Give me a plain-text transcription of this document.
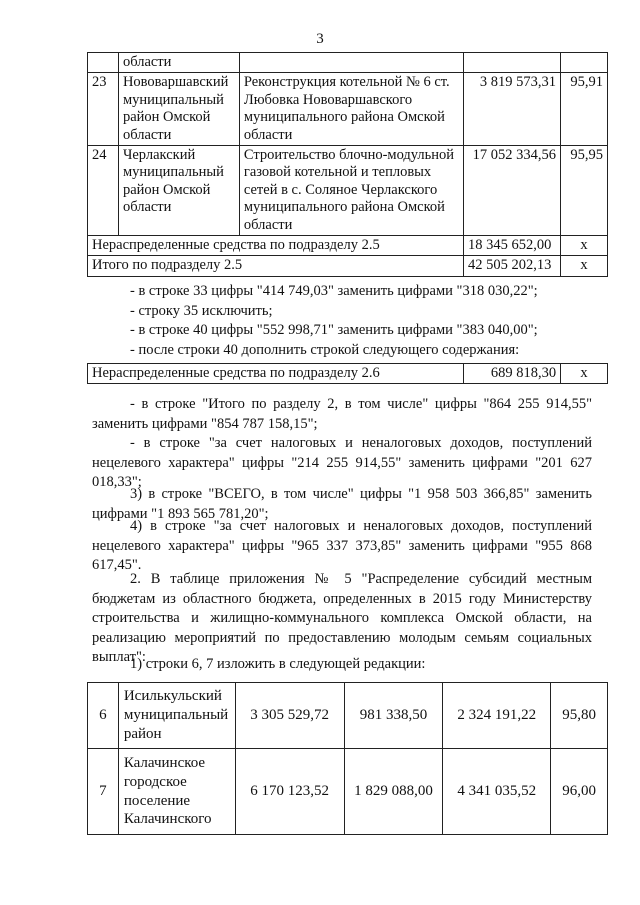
3
	области			
23	Нововаршавский муниципальный район Омской области	Реконструкция котельной № 6 ст. Любовка Нововаршавского муниципального района Омской области	3 819 573,31	95,91
24	Черлакский муниципальный район Омской области	Строительство блочно-модульной газовой котельной и тепловых сетей в с. Соляное Черлакского муниципального района Омской области	17 052 334,56	95,95
Нераспределенные средства по подразделу 2.5			18 345 652,00	х
Итого по подразделу 2.5			42 505 202,13	х
- в строке 33 цифры "414 749,03" заменить цифрами "318 030,22";
- строку 35 исключить;
- в строке 40 цифры "552 998,71" заменить цифрами "383 040,00";
- после строки 40 дополнить строкой следующего содержания:
Нераспределенные средства по подразделу 2.6	689 818,30	х
- в строке "Итого по разделу 2, в том числе" цифры "864 255 914,55" заменить цифрами "854 787 158,15";
- в строке "за счет налоговых и неналоговых доходов, поступлений нецелевого характера" цифры "214 255 914,55" заменить цифрами "201 627 018,33";
3) в строке "ВСЕГО, в том числе" цифры "1 958 503 366,85" заменить цифрами "1 893 565 781,20";
4) в строке "за счет налоговых и неналоговых доходов, поступлений нецелевого характера" цифры "965 337 373,85" заменить цифрами "955 868 617,45".
2. В таблице приложения № 5 "Распределение субсидий местным бюджетам из областного бюджета, определенных в 2015 году Министерству строительства и жилищно-коммунального комплекса Омской области, на реализацию мероприятий по предоставлению молодым семьям социальных выплат":
1) строки 6, 7 изложить в следующей редакции:
6	Исилькульский муниципальный район	3 305 529,72	981 338,50	2 324 191,22	95,80
7	Калачинское городское поселение Калачинского	6 170 123,52	1 829 088,00	4 341 035,52	96,00
